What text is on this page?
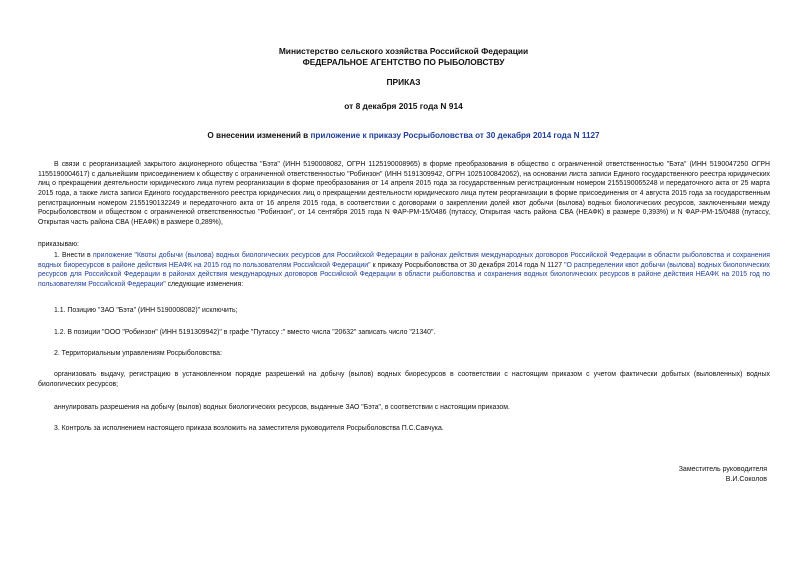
Министерство сельского хозяйства Российской Федерации
ФЕДЕРАЛЬНОЕ АГЕНТСТВО ПО РЫБОЛОВСТВУ
ПРИКАЗ
от 8 декабря 2015 года N 914
О внесении изменений в приложение к приказу Росрыболовства от 30 декабря 2014 года N 1127

В связи с реорганизацией закрытого акционерного общества "Бэта" (ИНН 5190008082, ОГРН 1125190008965) в форме преобразования в общество с ограниченной ответственностью "Бэта" (ИНН 5190047250 ОГРН 1155190004617) с дальнейшим присоединением к обществу с ограниченной ответственностью "Робинзон" (ИНН 5191309942, ОГРН 1025100842062), на основании листа записи Единого государственного реестра юридических лиц о прекращении деятельности юридического лица путем реорганизации в форме преобразования от 14 апреля 2015 года за государственным регистрационным номером 2155190065248 и передаточного акта от 25 марта 2015 года, а также листа записи Единого государственного реестра юридических лиц о прекращении деятельности юридического лица путем реорганизации в форме присоединения от 4 августа 2015 года за государственным регистрационным номером 2155190132249 и передаточного акта от 16 апреля 2015 года, в соответствии с договорами о закреплении долей квот добычи (вылова) водных биологических ресурсов, заключенными между Росрыболовством и обществом с ограниченной ответственностью "Робинзон", от 14 сентября 2015 года N ФАР-РМ-15/0486 (путассу, Открытая часть района СВА (НЕАФК) в размере 0,393%) и N ФАР-РМ-15/0488 (путассу, Открытая часть района СВА (НЕАФК) в размере 0,289%),

приказываю:

1. Внести в приложение "Квоты добычи (вылова) водных биологических ресурсов для Российской Федерации в районах действия международных договоров Российской Федерации в области рыболовства и сохранения водных биоресурсов в районе действия НЕАФК на 2015 год по пользователям Российской Федерации" к приказу Росрыболовства от 30 декабря 2014 года N 1127 "О распределении квот добычи (вылова) водных биологических ресурсов для Российской Федерации в районах действия международных договоров Российской Федерации в области рыболовства и сохранения водных биологических ресурсов в районе действия НЕАФК на 2015 год по пользователям Российской Федерации" следующие изменения:

1.1. Позицию "ЗАО "Бэта" (ИНН 5190008082)" исключить;

1.2. В позиции "ООО "Робинзон" (ИНН 5191309942)" в графе "Путассу :" вместо числа "20632" записать число "21340".

2. Территориальным управлениям Росрыболовства:

организовать выдачу, регистрацию в установленном порядке разрешений на добычу (вылов) водных биоресурсов в соответствии с настоящим приказом с учетом фактически добытых (выловленных) водных биологических ресурсов;

аннулировать разрешения на добычу (вылов) водных биологических ресурсов, выданные ЗАО "Бэта", в соответствии с настоящим приказом.

3. Контроль за исполнением настоящего приказа возложить на заместителя руководителя Росрыболовства П.С.Савчука.

Заместитель руководителя
В.И.Соколов
